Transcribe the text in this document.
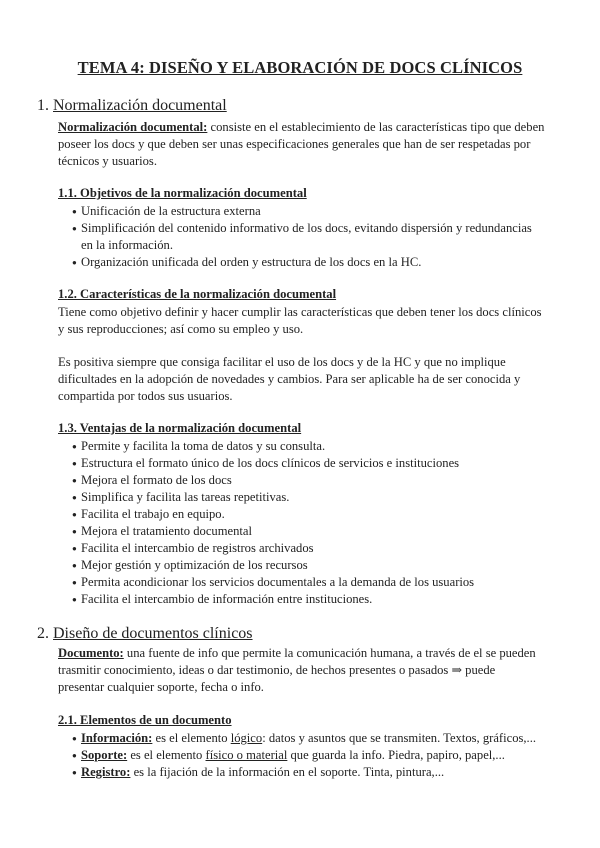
TEMA 4: DISEÑO Y ELABORACIÓN DE DOCS CLÍNICOS
1. Normalización documental
Normalización documental: consiste en el establecimiento de las características tipo que deben
poseer los docs y que deben ser unas especificaciones generales que han de ser respetadas por
técnicos y usuarios.
1.1. Objetivos de la normalización documental
● Unificación de la estructura externa
● Simplificación del contenido informativo de los docs, evitando dispersión y redundancias
en la información.
● Organización unificada del orden y estructura de los docs en la HC.
1.2. Características de la normalización documental
Tiene como objetivo definir y hacer cumplir las características que deben tener los docs clínicos
y sus reproducciones; así como su empleo y uso.
Es positiva siempre que consiga facilitar el uso de los docs y de la HC y que no implique
dificultades en la adopción de novedades y cambios. Para ser aplicable ha de ser conocida y
compartida por todos sus usuarios.
1.3. Ventajas de la normalización documental
● Permite y facilita la toma de datos y su consulta.
● Estructura el formato único de los docs clínicos de servicios e instituciones
● Mejora el formato de los docs
● Simplifica y facilita las tareas repetitivas.
● Facilita el trabajo en equipo.
● Mejora el tratamiento documental
● Facilita el intercambio de registros archivados
● Mejor gestión y optimización de los recursos
● Permita acondicionar los servicios documentales a la demanda de los usuarios
● Facilita el intercambio de información entre instituciones.
2. Diseño de documentos clínicos
Documento: una fuente de info que permite la comunicación humana, a través de el se pueden
trasmitir conocimiento, ideas o dar testimonio, de hechos presentes o pasados ⇒ puede
presentar cualquier soporte, fecha o info.
2.1. Elementos de un documento
● Información: es el elemento lógico: datos y asuntos que se transmiten. Textos, gráficos,...
● Soporte: es el elemento físico o material que guarda la info. Piedra, papiro, papel,...
● Registro: es la fijación de la información en el soporte. Tinta, pintura,...
